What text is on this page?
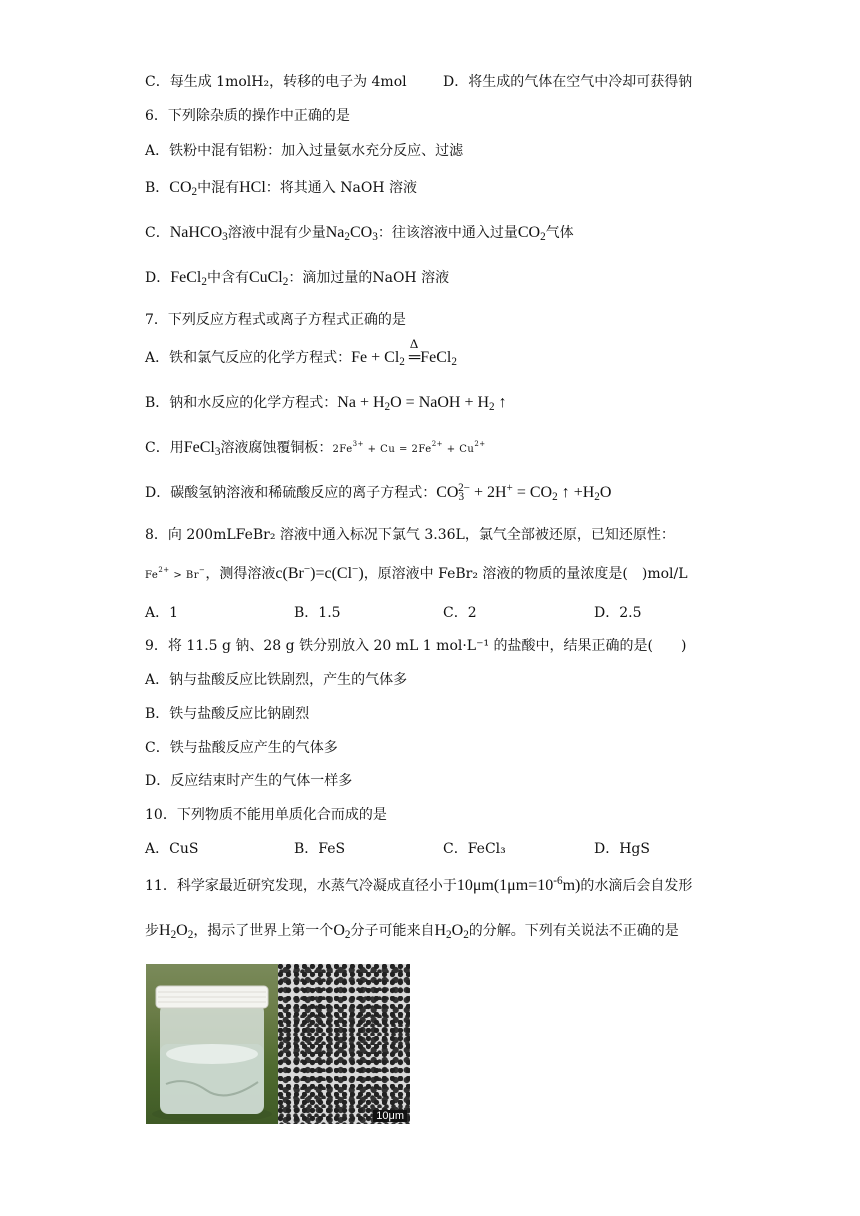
C．每生成 1molH₂，转移的电子为 4mol	D．将生成的气体在空气中冷却可获得钠
6．下列除杂质的操作中正确的是
A．铁粉中混有铝粉：加入过量氨水充分反应、过滤
B．$CO_2$中混有HCl：将其通入 NaOH 溶液
C．NaHCO$_3$溶液中混有少量$Na_2CO_3$：往该溶液中通入过量$CO_2$气体
D．FeCl$_2$中含有CuCl$_2$：滴加过量的NaOH 溶液
7．下列反应方程式或离子方程式正确的是
A．铁和氯气反应的化学方程式：$Fe + Cl_2$
Δ
═FeCl$_2$
B．钠和水反应的化学方程式：$Na + H_2O$ = NaOH + $H_2$ ↑
C．用FeCl$_3$溶液腐蚀覆铜板：$2Fe^{3+} + Cu = 2Fe^{2+} + Cu^{2+}$
D．碳酸氢钠溶液和稀硫酸反应的离子方程式：$CO_3^{2-} + 2H^+ = CO_2$ ↑ $+H_2O$
8．向 200mLFeBr₂ 溶液中通入标况下氯气 3.36L，氯气全部被还原，已知还原性：
$Fe^{2+} > Br^-$，测得溶液c(Br−)=c(Cl−)，原溶液中 FeBr₂ 溶液的物质的量浓度是(　)mol/L
A．1	B．1.5	C．2	D．2.5
9．将 11.5 g 钠、28 g 铁分别放入 20 mL 1 mol·L⁻¹ 的盐酸中，结果正确的是(　　)
A．钠与盐酸反应比铁剧烈，产生的气体多
B．铁与盐酸反应比钠剧烈
C．铁与盐酸反应产生的气体多
D．反应结束时产生的气体一样多
10．下列物质不能用单质化合而成的是
A．CuS	B．FeS	C．FeCl₃	D．HgS
11．科学家最近研究发现，水蒸气冷凝成直径小于$10\mu m(1\mu m=10^{-6}m)$的水滴后会自发形
步$H_2O_2$，揭示了世界上第一个$O_2$分子可能来自$H_2O_2$的分解。下列有关说法不正确的是
10μm
